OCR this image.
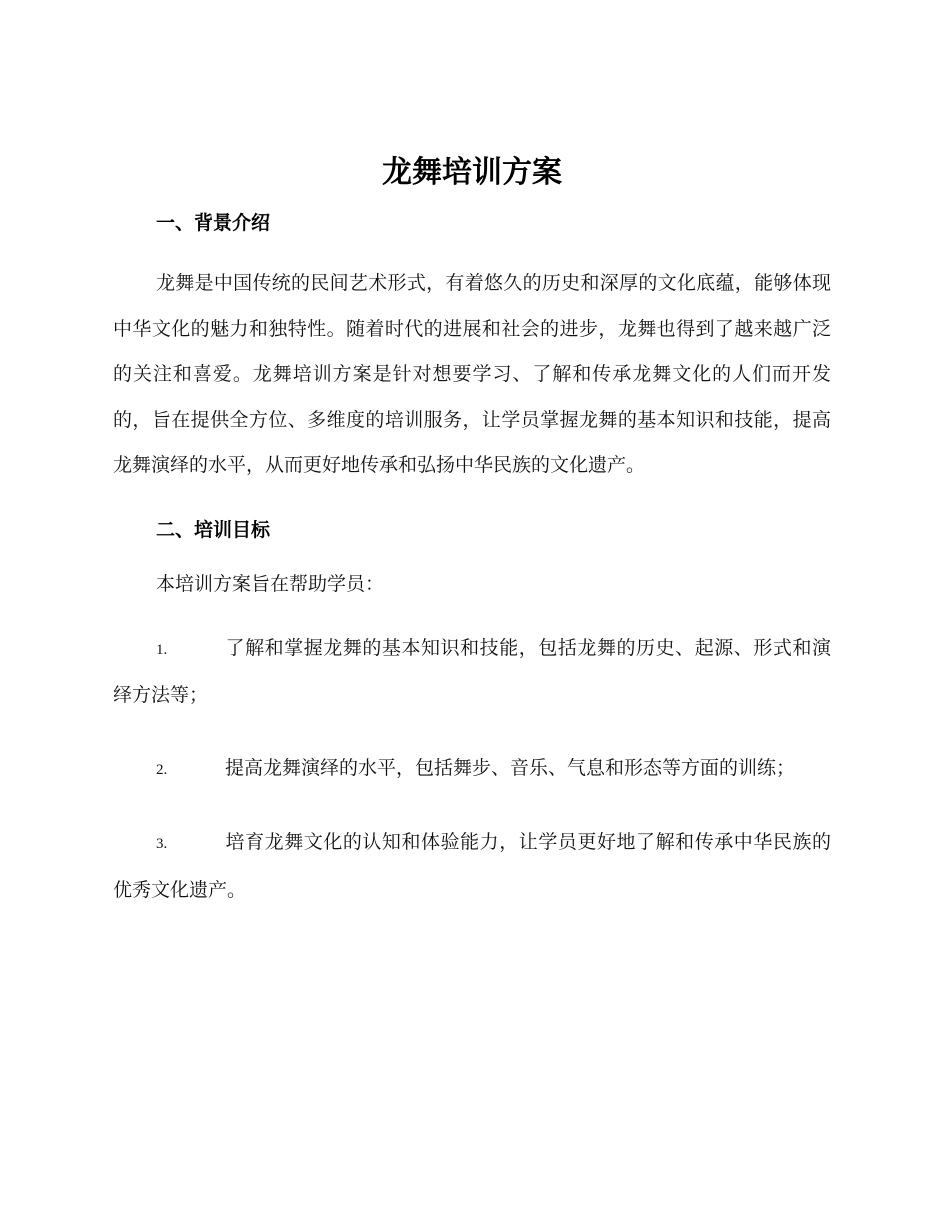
龙舞培训方案
一、背景介绍

龙舞是中国传统的民间艺术形式，有着悠久的历史和深厚的文化底蕴，能够体现中华文化的魅力和独特性。随着时代的进展和社会的进步，龙舞也得到了越来越广泛的关注和喜爱。龙舞培训方案是针对想要学习、了解和传承龙舞文化的人们而开发的，旨在提供全方位、多维度的培训服务，让学员掌握龙舞的基本知识和技能，提高龙舞演绎的水平，从而更好地传承和弘扬中华民族的文化遗产。

二、培训目标

本培训方案旨在帮助学员：

1.	了解和掌握龙舞的基本知识和技能，包括龙舞的历史、起源、形式和演绎方法等；
2.	提高龙舞演绎的水平，包括舞步、音乐、气息和形态等方面的训练；
3.	培育龙舞文化的认知和体验能力，让学员更好地了解和传承中华民族的优秀文化遗产。
